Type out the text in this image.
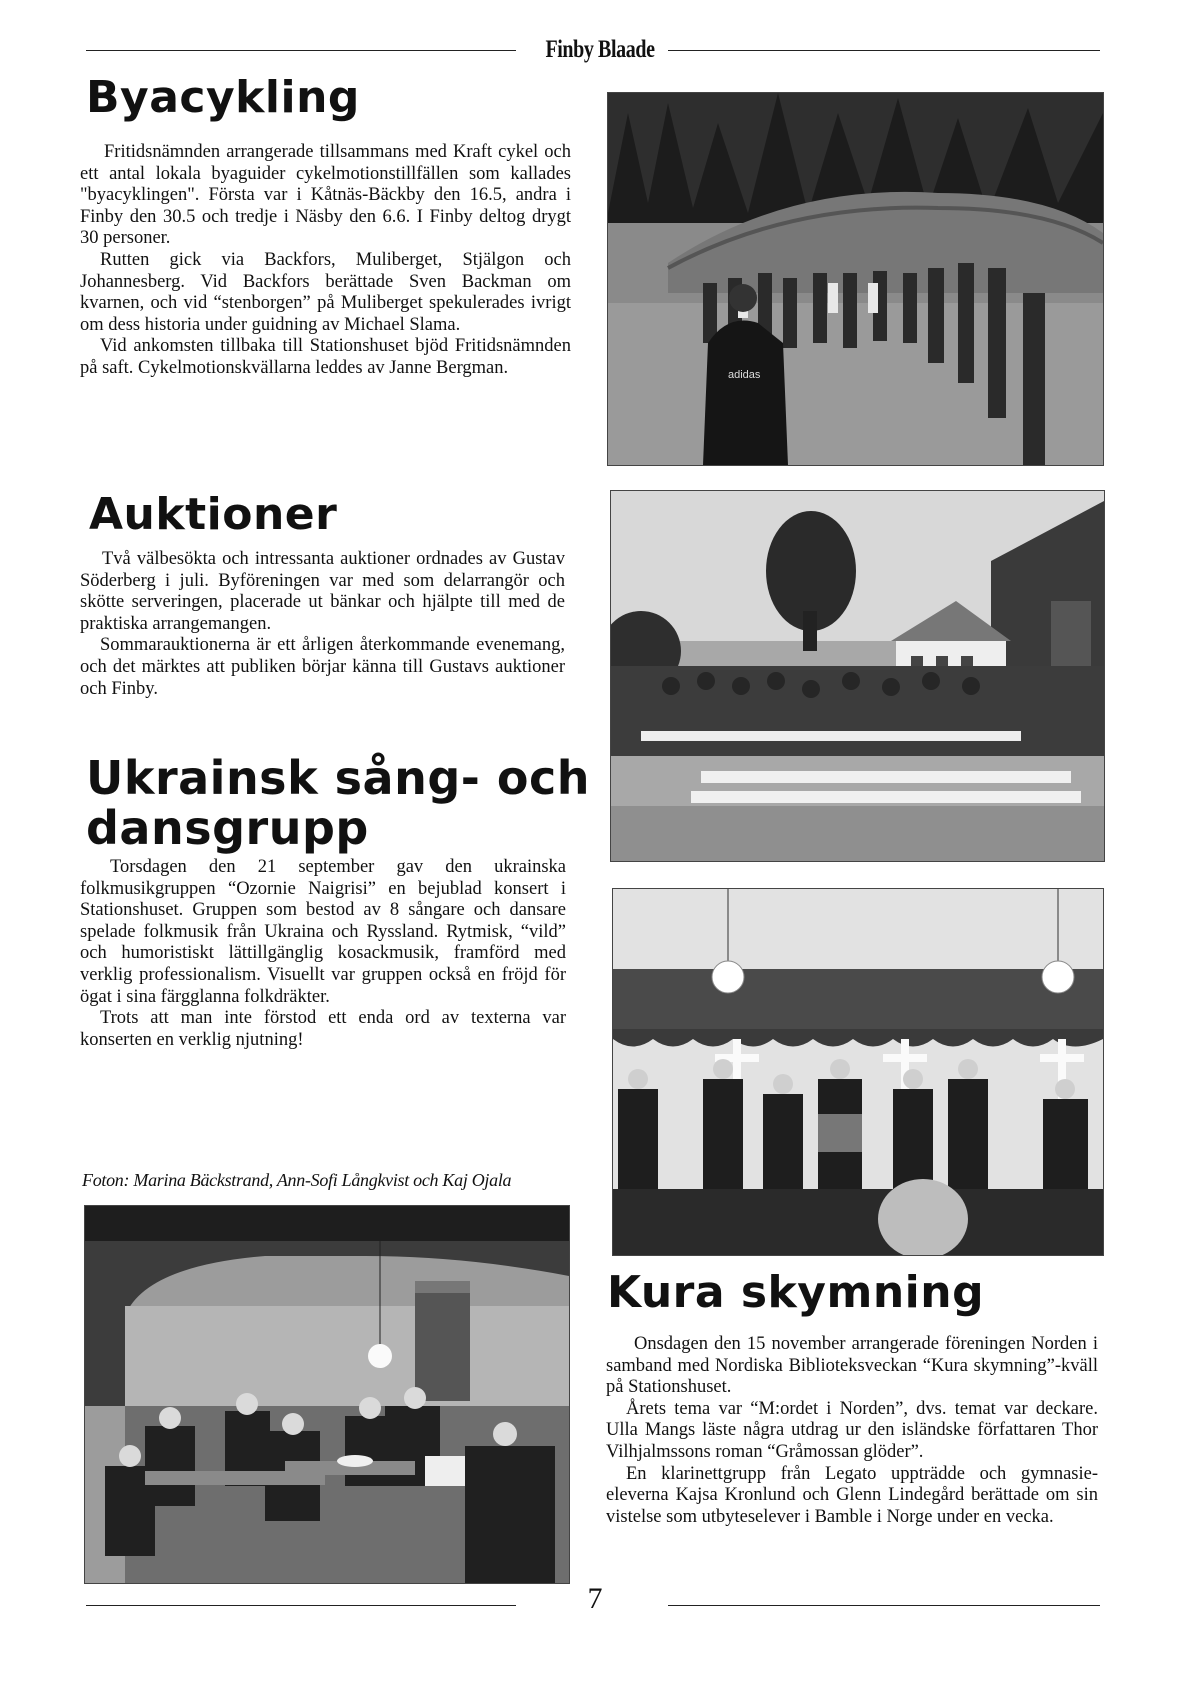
Finby Blaade
Byacykling

Fritidsnämnden arrangerade tillsammans med Kraft cykel och ett antal lokala byaguider cykelmotionstillfällen som kallades "byacyklingen". Första var i Kåtnäs-Bäckby den 16.5, andra i Finby den 30.5 och tredje i Näsby den 6.6. I Finby deltog drygt 30 personer.

Rutten gick via Backfors, Muliberget, Stjälgon och Johannesberg. Vid Backfors berättade Sven Backman om kvarnen, och vid “stenborgen” på Muliberget spekulerades ivrigt om dess historia under guidning av Michael Slama.

Vid ankomsten tillbaka till Stationshuset bjöd Fritidsnämnden på saft. Cykelmotionskvällarna leddes av Janne Bergman.	adidas
Auktioner

Två välbesökta och intressanta auktioner ordnades av Gustav Söderberg i juli. Byföreningen var med som delarrangör och skötte serveringen, placerade ut bänkar och hjälpte till med de praktiska arrangemangen.

Sommarauktionerna är ett årligen återkommande evenemang, och det märktes att publiken börjar känna till Gustavs auktioner och Finby.

Ukrainsk sång- och
dansgrupp

Torsdagen den 21 september gav den ukrainska folkmusikgruppen “Ozornie Naigrisi” en bejublad konsert i Stationshuset. Gruppen som bestod av 8 sångare och dansare spelade folkmusik från Ukraina och Ryssland. Rytmisk, “vild” och humoristiskt lättillgänglig kosackmusik, framförd med verklig professionalism. Visuellt var gruppen också en fröjd för ögat i sina färgglanna folkdräkter.

Trots att man inte förstod ett enda ord av texterna var konserten en verklig njutning!

Foton: Marina Bäckstrand, Ann-Sofi Långkvist och Kaj Ojala
Kura skymning

Onsdagen den 15 november arrangerade föreningen Norden i samband med Nordiska Biblioteksveckan “Kura skymning”-kväll på Stationshuset.

Årets tema var “M:ordet i Norden”, dvs. temat var deckare. Ulla Mangs läste några utdrag ur den isländske författaren Thor Vilhjalmssons roman “Gråmossan glöder”.

En klarinettgrupp från Legato uppträdde och gymnasie-eleverna Kajsa Kronlund och Glenn Lindegård berättade om sin vistelse som utbyteselever i Bamble i Norge under en vecka.

7
